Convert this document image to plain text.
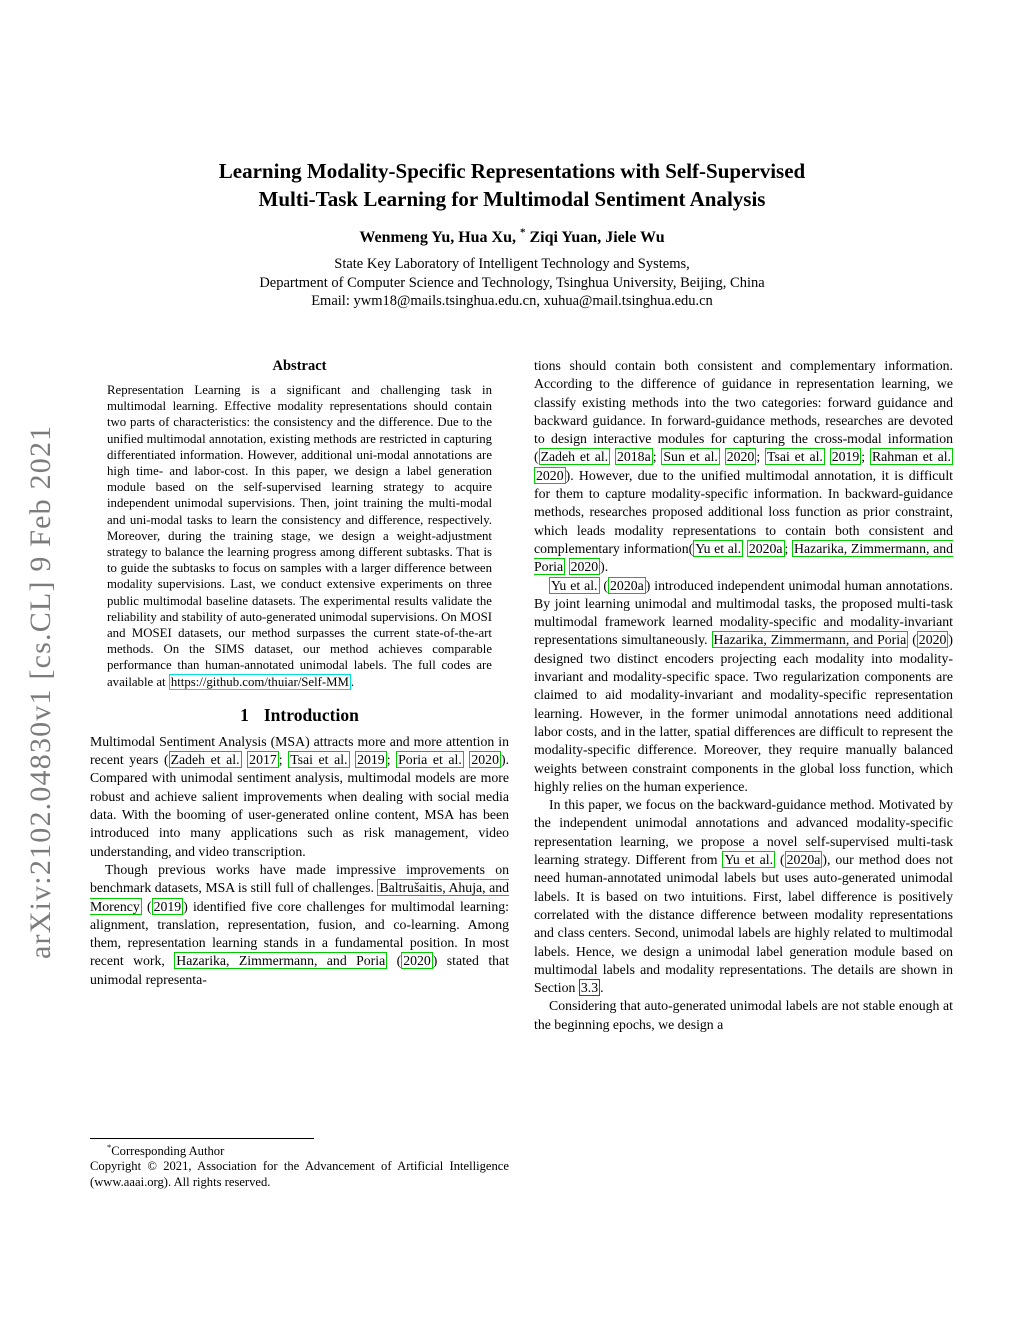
arXiv:2102.04830v1 [cs.CL] 9 Feb 2021
Learning Modality-Specific Representations with Self-Supervised
Multi-Task Learning for Multimodal Sentiment Analysis
Wenmeng Yu, Hua Xu, * Ziqi Yuan, Jiele Wu
State Key Laboratory of Intelligent Technology and Systems,
Department of Computer Science and Technology, Tsinghua University, Beijing, China
Email: ywm18@mails.tsinghua.edu.cn, xuhua@mail.tsinghua.edu.cn
Abstract
Representation Learning is a significant and challenging task in multimodal learning. Effective modality representations should contain two parts of characteristics: the consistency and the difference. Due to the unified multimodal annotation, existing methods are restricted in capturing differentiated information. However, additional uni-modal annotations are high time- and labor-cost. In this paper, we design a label generation module based on the self-supervised learning strategy to acquire independent unimodal supervisions. Then, joint training the multi-modal and uni-modal tasks to learn the consistency and difference, respectively. Moreover, during the training stage, we design a weight-adjustment strategy to balance the learning progress among different subtasks. That is to guide the subtasks to focus on samples with a larger difference between modality supervisions. Last, we conduct extensive experiments on three public multimodal baseline datasets. The experimental results validate the reliability and stability of auto-generated unimodal supervisions. On MOSI and MOSEI datasets, our method surpasses the current state-of-the-art methods. On the SIMS dataset, our method achieves comparable performance than human-annotated unimodal labels. The full codes are available at https://github.com/thuiar/Self-MM .
1 Introduction

Multimodal Sentiment Analysis (MSA) attracts more and more attention in recent years ( Zadeh et al. 2017 ; Tsai et al. 2019 ; Poria et al. 2020 ). Compared with unimodal sentiment analysis, multimodal models are more robust and achieve salient improvements when dealing with social media data. With the booming of user-generated online content, MSA has been introduced into many applications such as risk management, video understanding, and video transcription.

Though previous works have made impressive improvements on benchmark datasets, MSA is still full of challenges. Baltrušaitis, Ahuja, and Morency ( 2019 ) identified five core challenges for multimodal learning: alignment, translation, representation, fusion, and co-learning. Among them, representation learning stands in a fundamental position. In most recent work, Hazarika, Zimmermann, and Poria ( 2020 ) stated that unimodal representa-

*Corresponding Author
Copyright © 2021, Association for the Advancement of Artificial Intelligence (www.aaai.org). All rights reserved.

tions should contain both consistent and complementary information. According to the difference of guidance in representation learning, we classify existing methods into the two categories: forward guidance and backward guidance. In forward-guidance methods, researches are devoted to design interactive modules for capturing the cross-modal information ( Zadeh et al. 2018a ; Sun et al. 2020 ; Tsai et al. 2019 ; Rahman et al. 2020 ). However, due to the unified multimodal annotation, it is difficult for them to capture modality-specific information. In backward-guidance methods, researches proposed additional loss function as prior constraint, which leads modality representations to contain both consistent and complementary information( Yu et al. 2020a ; Hazarika, Zimmermann, and Poria 2020 ).

Yu et al. ( 2020a ) introduced independent unimodal human annotations. By joint learning unimodal and multimodal tasks, the proposed multi-task multimodal framework learned modality-specific and modality-invariant representations simultaneously. Hazarika, Zimmermann, and Poria ( 2020 ) designed two distinct encoders projecting each modality into modality-invariant and modality-specific space. Two regularization components are claimed to aid modality-invariant and modality-specific representation learning. However, in the former unimodal annotations need additional labor costs, and in the latter, spatial differences are difficult to represent the modality-specific difference. Moreover, they require manually balanced weights between constraint components in the global loss function, which highly relies on the human experience.

In this paper, we focus on the backward-guidance method. Motivated by the independent unimodal annotations and advanced modality-specific representation learning, we propose a novel self-supervised multi-task learning strategy. Different from Yu et al. ( 2020a ), our method does not need human-annotated unimodal labels but uses auto-generated unimodal labels. It is based on two intuitions. First, label difference is positively correlated with the distance difference between modality representations and class centers. Second, unimodal labels are highly related to multimodal labels. Hence, we design a unimodal label generation module based on multimodal labels and modality representations. The details are shown in Section 3.3 .

Considering that auto-generated unimodal labels are not stable enough at the beginning epochs, we design a
